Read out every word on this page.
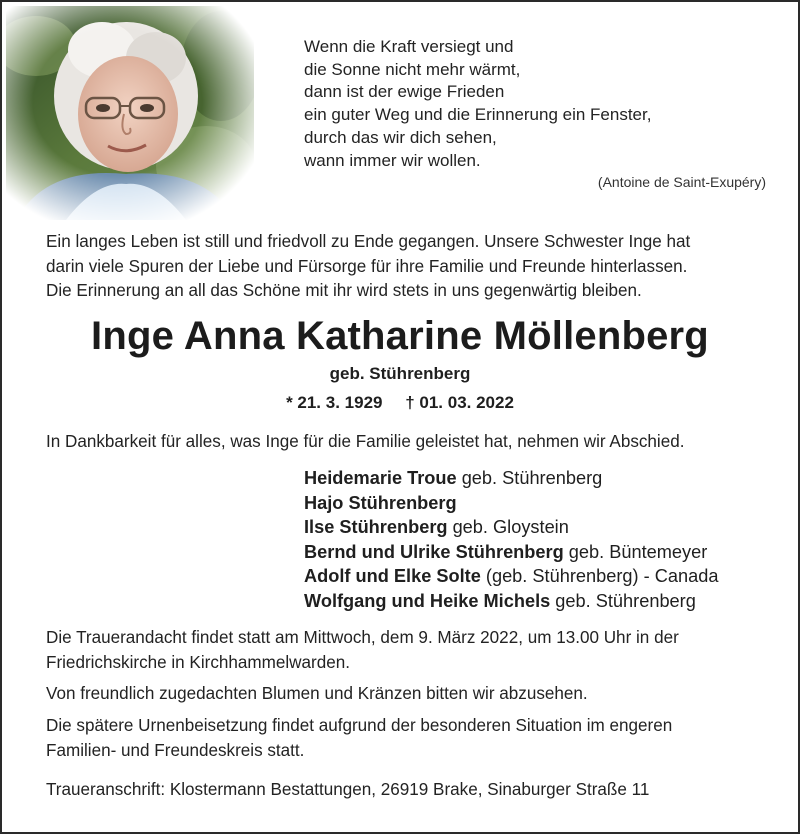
Wenn die Kraft versiegt und
die Sonne nicht mehr wärmt,
dann ist der ewige Frieden
ein guter Weg und die Erinnerung ein Fenster,
durch das wir dich sehen,
wann immer wir wollen.
(Antoine de Saint-Exupéry)
Ein langes Leben ist still und friedvoll zu Ende gegangen. Unsere Schwester Inge hat
darin viele Spuren der Liebe und Fürsorge für ihre Familie und Freunde hinterlassen.
Die Erinnerung an all das Schöne mit ihr wird stets in uns gegenwärtig bleiben.
Inge Anna Katharine Möllenberg
geb. Stührenberg
* 21. 3. 1929 † 01. 03. 2022
In Dankbarkeit für alles, was Inge für die Familie geleistet hat, nehmen wir Abschied.
Heidemarie Troue geb. Stührenberg
Hajo Stührenberg
Ilse Stührenberg geb. Gloystein
Bernd und Ulrike Stührenberg geb. Büntemeyer
Adolf und Elke Solte (geb. Stührenberg) - Canada
Wolfgang und Heike Michels geb. Stührenberg
Die Trauerandacht findet statt am Mittwoch, dem 9. März 2022, um 13.00 Uhr in der
Friedrichskirche in Kirchhammelwarden.
Von freundlich zugedachten Blumen und Kränzen bitten wir abzusehen.
Die spätere Urnenbeisetzung findet aufgrund der besonderen Situation im engeren
Familien- und Freundeskreis statt.
Traueranschrift: Klostermann Bestattungen, 26919 Brake, Sinaburger Straße 11
